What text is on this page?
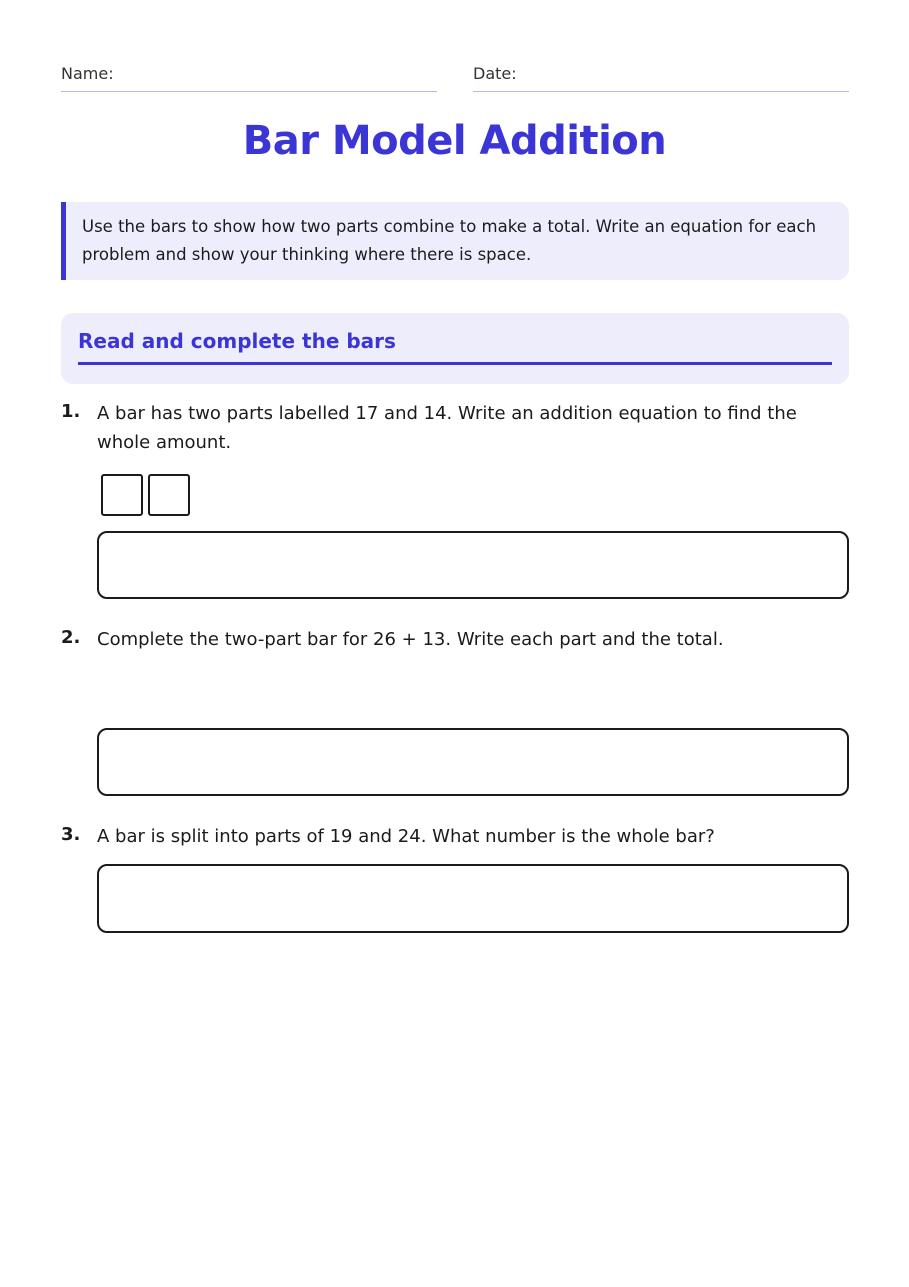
Name:	Date:
Bar Model Addition

Use the bars to show how two parts combine to make a total. Write an equation for each problem and show your thinking where there is space.

Read and complete the bars
1. A bar has two parts labelled 17 and 14. Write an addition equation to find the whole amount.
2. Complete the two-part bar for 26 + 13. Write each part and the total.
3. A bar is split into parts of 19 and 24. What number is the whole bar?
